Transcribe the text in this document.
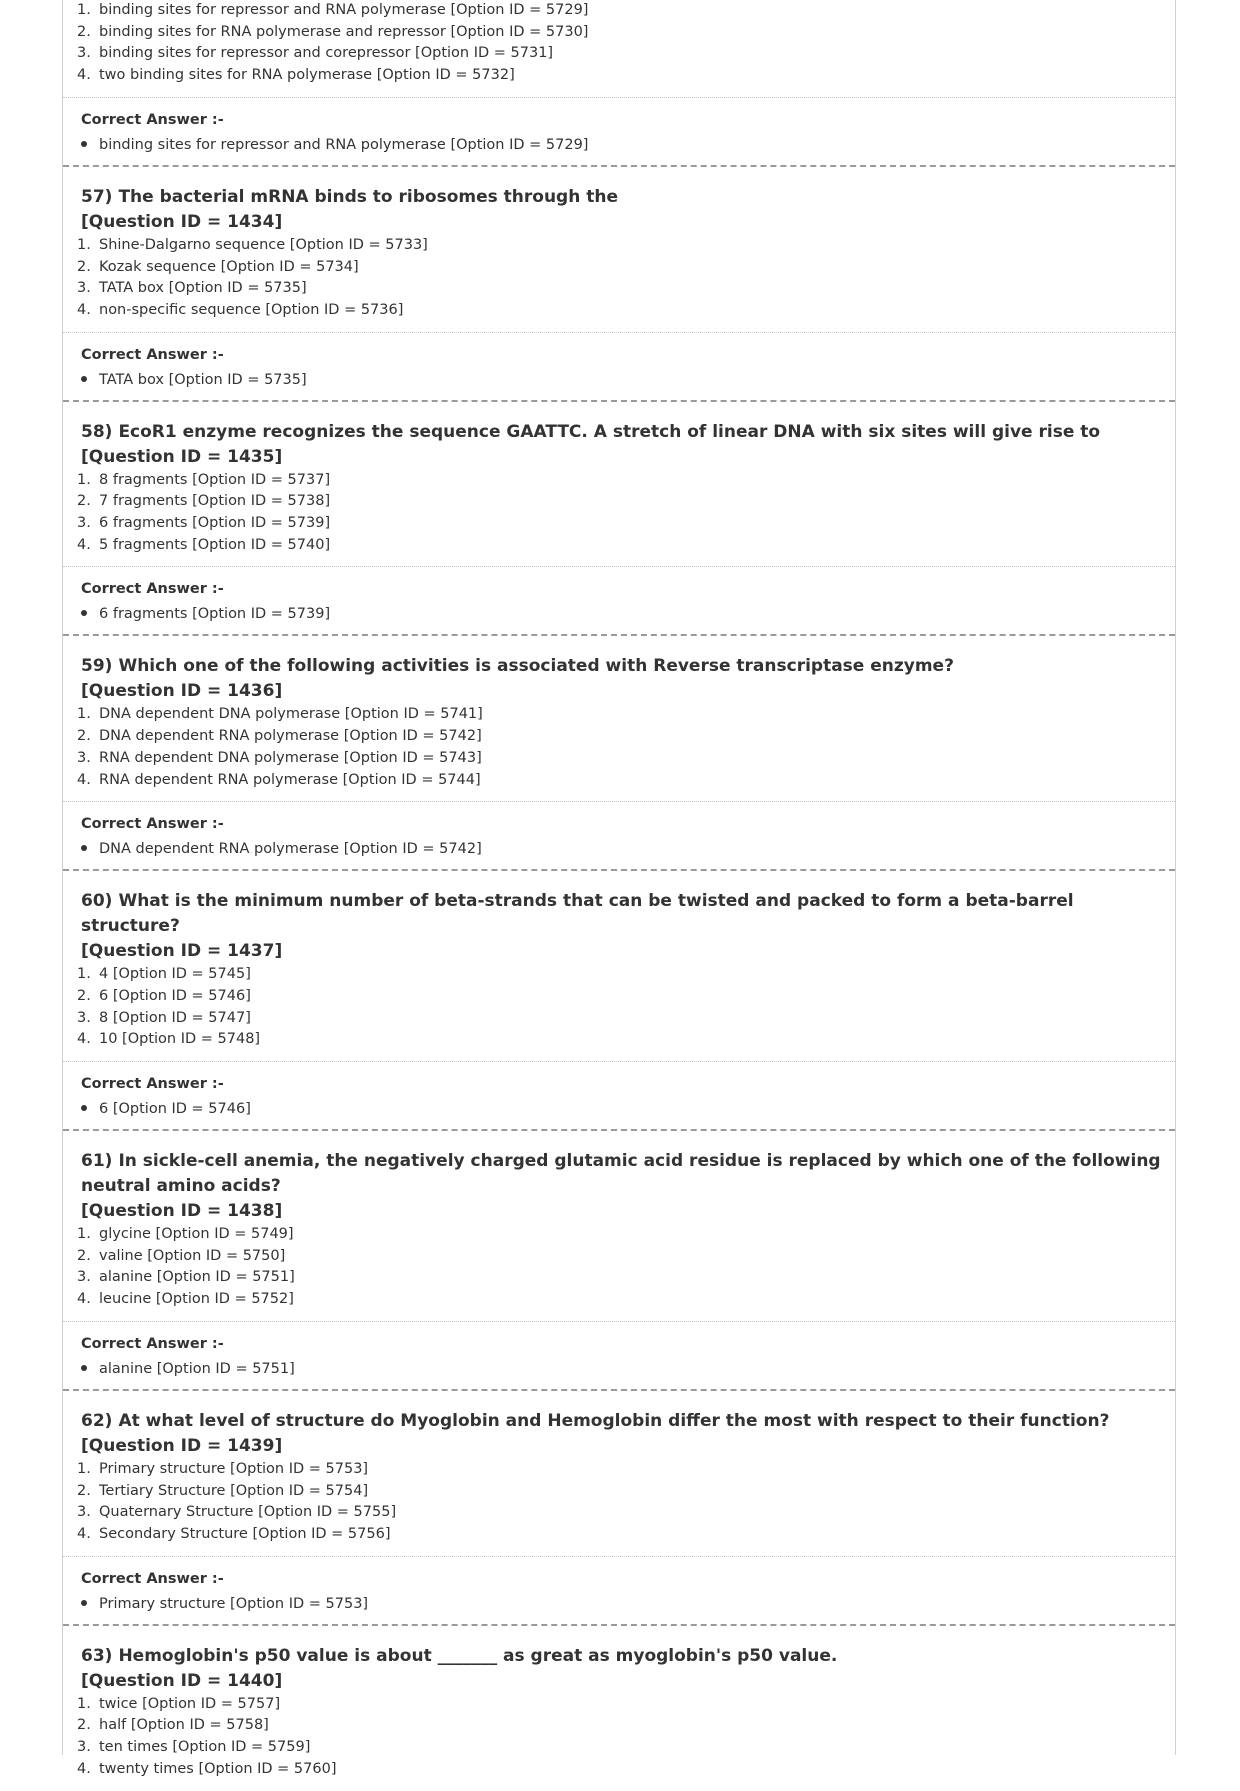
1. binding sites for repressor and RNA polymerase [Option ID = 5729]
2. binding sites for RNA polymerase and repressor [Option ID = 5730]
3. binding sites for repressor and corepressor [Option ID = 5731]
4. two binding sites for RNA polymerase [Option ID = 5732]
Correct Answer :-
binding sites for repressor and RNA polymerase [Option ID = 5729]
57) The bacterial mRNA binds to ribosomes through the
[Question ID = 1434]
1. Shine-Dalgarno sequence [Option ID = 5733]
2. Kozak sequence [Option ID = 5734]
3. TATA box [Option ID = 5735]
4. non-specific sequence [Option ID = 5736]
Correct Answer :-
TATA box [Option ID = 5735]
58) EcoR1 enzyme recognizes the sequence GAATTC. A stretch of linear DNA with six sites will give rise to
[Question ID = 1435]
1. 8 fragments [Option ID = 5737]
2. 7 fragments [Option ID = 5738]
3. 6 fragments [Option ID = 5739]
4. 5 fragments [Option ID = 5740]
Correct Answer :-
6 fragments [Option ID = 5739]
59) Which one of the following activities is associated with Reverse transcriptase enzyme?
[Question ID = 1436]
1. DNA dependent DNA polymerase [Option ID = 5741]
2. DNA dependent RNA polymerase [Option ID = 5742]
3. RNA dependent DNA polymerase [Option ID = 5743]
4. RNA dependent RNA polymerase [Option ID = 5744]
Correct Answer :-
DNA dependent RNA polymerase [Option ID = 5742]
60) What is the minimum number of beta-strands that can be twisted and packed to form a beta-barrel structure?
[Question ID = 1437]
1. 4 [Option ID = 5745]
2. 6 [Option ID = 5746]
3. 8 [Option ID = 5747]
4. 10 [Option ID = 5748]
Correct Answer :-
6 [Option ID = 5746]
61) In sickle-cell anemia, the negatively charged glutamic acid residue is replaced by which one of the following neutral amino acids?
[Question ID = 1438]
1. glycine [Option ID = 5749]
2. valine [Option ID = 5750]
3. alanine [Option ID = 5751]
4. leucine [Option ID = 5752]
Correct Answer :-
alanine [Option ID = 5751]
62) At what level of structure do Myoglobin and Hemoglobin differ the most with respect to their function?
[Question ID = 1439]
1. Primary structure [Option ID = 5753]
2. Tertiary Structure [Option ID = 5754]
3. Quaternary Structure [Option ID = 5755]
4. Secondary Structure [Option ID = 5756]
Correct Answer :-
Primary structure [Option ID = 5753]
63) Hemoglobin's p50 value is about _______ as great as myoglobin's p50 value.
[Question ID = 1440]
1. twice [Option ID = 5757]
2. half [Option ID = 5758]
3. ten times [Option ID = 5759]
4. twenty times [Option ID = 5760]
